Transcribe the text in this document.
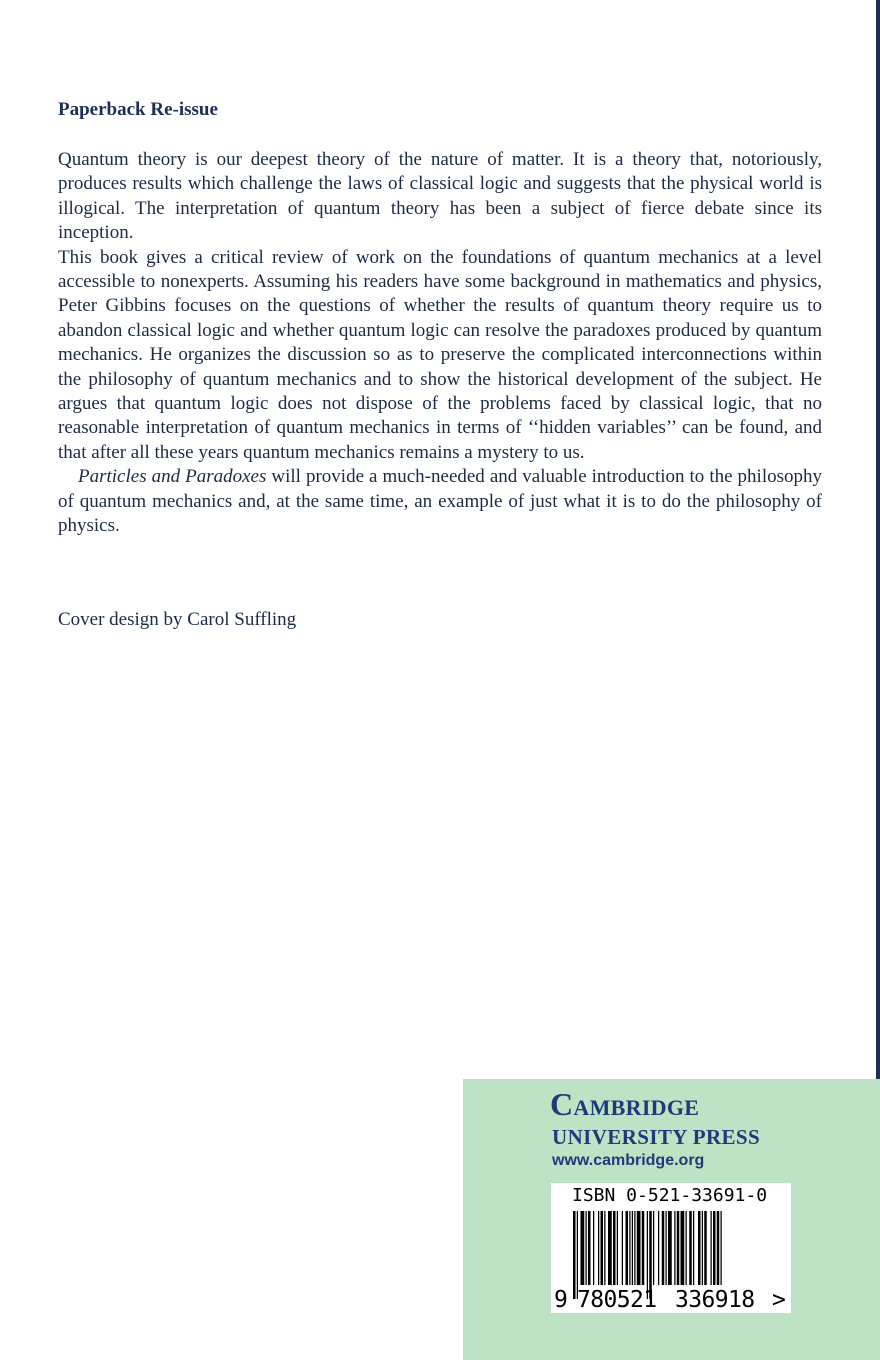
Paperback Re-issue

Quantum theory is our deepest theory of the nature of matter. It is a theory that, notoriously, produces results which challenge the laws of classical logic and suggests that the physical world is illogical. The interpretation of quantum theory has been a subject of fierce debate since its inception.

This book gives a critical review of work on the foundations of quantum mechanics at a level accessible to nonexperts. Assuming his readers have some background in mathematics and physics, Peter Gibbins focuses on the questions of whether the results of quantum theory require us to abandon classical logic and whether quantum logic can resolve the paradoxes produced by quantum mechanics. He organizes the discussion so as to preserve the complicated interconnections within the philosophy of quantum mechanics and to show the historical development of the subject. He argues that quantum logic does not dispose of the problems faced by classical logic, that no reasonable interpretation of quantum mechanics in terms of ‘‘hidden variables’’ can be found, and that after all these years quantum mechanics remains a mystery to us.

Particles and Paradoxes will provide a much-needed and valuable introduction to the philosophy of quantum mechanics and, at the same time, an example of just what it is to do the philosophy of physics.

Cover design by Carol Suffling
Cambridge
UNIVERSITY PRESS
www.cambridge.org
ISBN 0-521-33691-0
9 780521 336918 >
